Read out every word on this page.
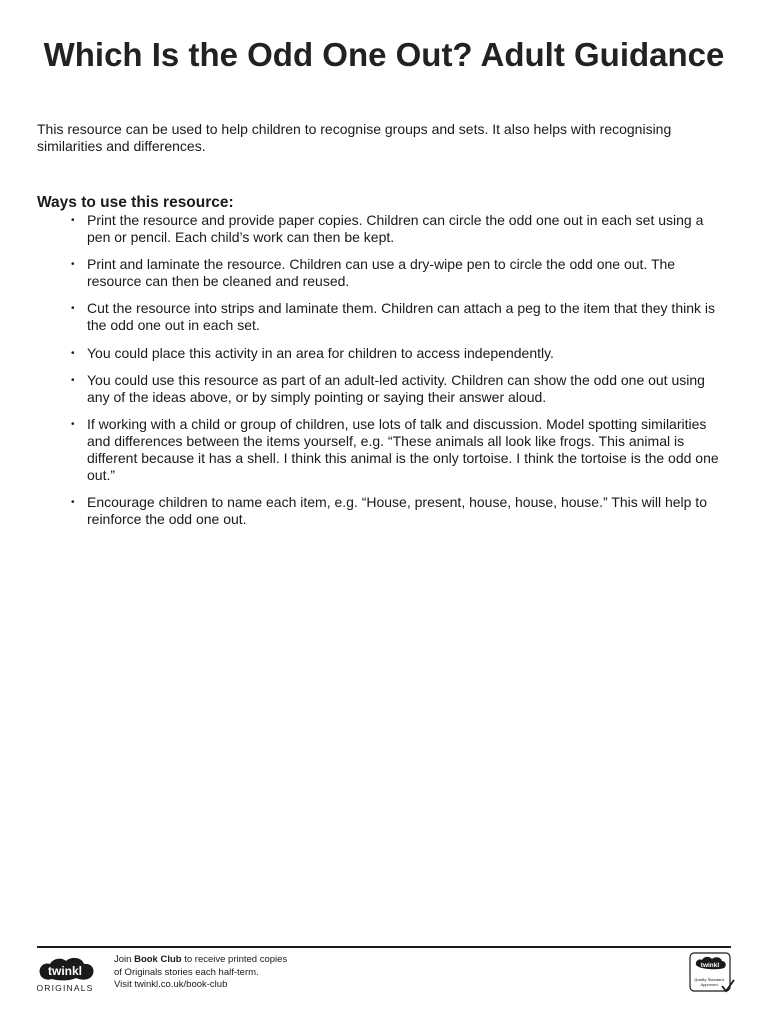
Which Is the Odd One Out? Adult Guidance

This resource can be used to help children to recognise groups and sets. It also helps with recognising similarities and differences.

Ways to use this resource:
• Print the resource and provide paper copies. Children can circle the odd one out in each set using a pen or pencil. Each child’s work can then be kept.
• Print and laminate the resource. Children can use a dry-wipe pen to circle the odd one out. The resource can then be cleaned and reused.
• Cut the resource into strips and laminate them. Children can attach a peg to the item that they think is the odd one out in each set.
• You could place this activity in an area for children to access independently.
• You could use this resource as part of an adult-led activity. Children can show the odd one out using any of the ideas above, or by simply pointing or saying their answer aloud.
• If working with a child or group of children, use lots of talk and discussion. Model spotting similarities and differences between the items yourself, e.g. “These animals all look like frogs. This animal is different because it has a shell. I think this animal is the only tortoise. I think the tortoise is the odd one out.”
• Encourage children to name each item, e.g. “House, present, house, house, house.” This will help to reinforce the odd one out.
twinkl
ORIGINALS
Join Book Club to receive printed copies
of Originals stories each half-term.
Visit twinkl.co.uk/book-club
twinkl
Quality Standard
Approved
